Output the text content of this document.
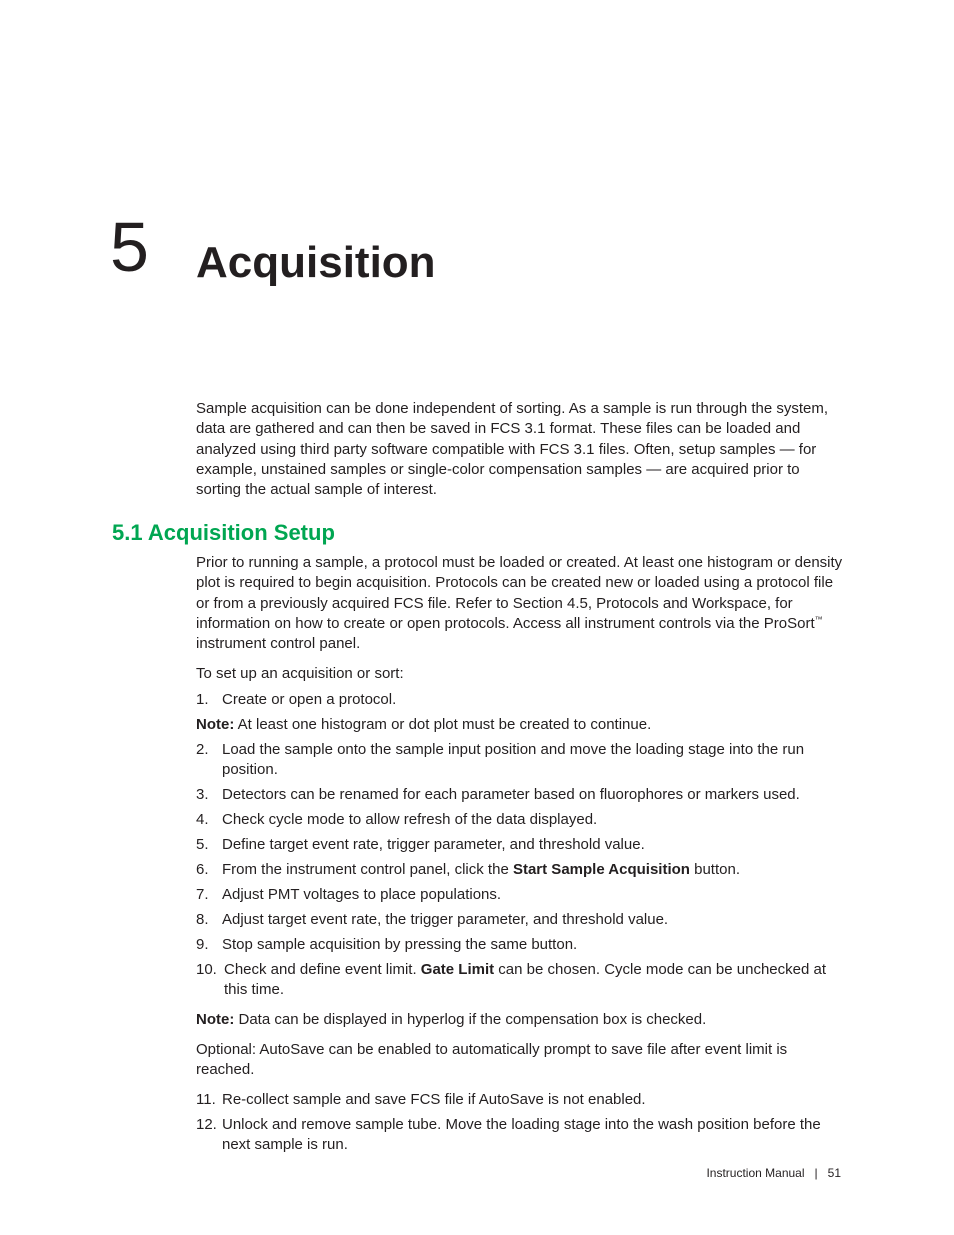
5 Acquisition

Sample acquisition can be done independent of sorting. As a sample is run through the system, data are gathered and can then be saved in FCS 3.1 format. These files can be loaded and analyzed using third party software compatible with FCS 3.1 files. Often, setup samples — for example, unstained samples or single-color compensation samples — are acquired prior to sorting the actual sample of interest.

5.1 Acquisition Setup

Prior to running a sample, a protocol must be loaded or created. At least one histogram or density plot is required to begin acquisition. Protocols can be created new or loaded using a protocol file or from a previously acquired FCS file. Refer to Section 4.5, Protocols and Workspace, for information on how to create or open protocols. Access all instrument controls via the ProSort™ instrument control panel.

To set up an acquisition or sort:

1. Create or open a protocol.

Note: At least one histogram or dot plot must be created to continue.

2. Load the sample onto the sample input position and move the loading stage into the run position.
3. Detectors can be renamed for each parameter based on fluorophores or markers used.
4. Check cycle mode to allow refresh of the data displayed.
5. Define target event rate, trigger parameter, and threshold value.
6. From the instrument control panel, click the Start Sample Acquisition button.
7. Adjust PMT voltages to place populations.
8. Adjust target event rate, the trigger parameter, and threshold value.
9. Stop sample acquisition by pressing the same button.
10. Check and define event limit. Gate Limit can be chosen. Cycle mode can be unchecked at this time.

Note: Data can be displayed in hyperlog if the compensation box is checked.

Optional: AutoSave can be enabled to automatically prompt to save file after event limit is reached.

11. Re-collect sample and save FCS file if AutoSave is not enabled.
12. Unlock and remove sample tube. Move the loading stage into the wash position before the next sample is run.
Instruction Manual | 51
